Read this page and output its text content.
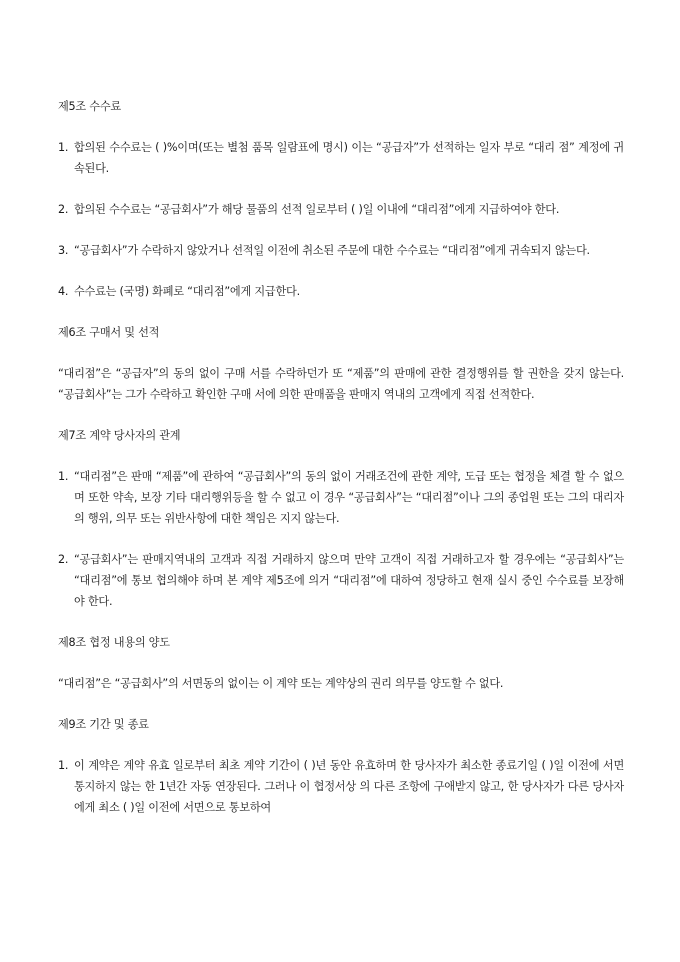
제5조 수수료
1. 합의된 수수료는 ( )%이며(또는 별첨 품목 일람표에 명시) 이는 “공급자”가 선적하는 일자 부로 “대리 점” 계정에 귀속된다.
2. 합의된 수수료는 “공급회사”가 해당 물품의 선적 일로부터 ( )일 이내에 “대리점”에게 지급하여야 한다.
3. “공급회사”가 수락하지 않았거나 선적일 이전에 취소된 주문에 대한 수수료는 “대리점”에게 귀속되지 않는다.
4. 수수료는 (국명) 화폐로 “대리점”에게 지급한다.
제6조 구매서 및 선적
“대리점”은 “공급자”의 동의 없이 구매 서를 수락하던가 또 “제품”의 판매에 관한 결정행위를 할 권한을 갖지 않는다. “공급회사”는 그가 수락하고 확인한 구매 서에 의한 판매품을 판매지 역내의 고객에게 직접 선적한다.
제7조 계약 당사자의 관계
1. “대리점”은 판매 “제품”에 관하여 “공급회사”의 동의 없이 거래조건에 관한 계약, 도급 또는 협정을 체결 할 수 없으며 또한 약속, 보장 기타 대리행위등을 할 수 없고 이 경우 “공급회사”는 “대리점”이나 그의 종업원 또는 그의 대리자의 행위, 의무 또는 위반사항에 대한 책임은 지지 않는다.
2. “공급회사”는 판매지역내의 고객과 직접 거래하지 않으며 만약 고객이 직접 거래하고자 할 경우에는 “공급회사”는 “대리점”에 통보 협의해야 하며 본 계약 제5조에 의거 “대리점”에 대하여 정당하고 현재 실시 중인 수수료를 보장해야 한다.
제8조 협정 내용의 양도
“대리점”은 “공급회사”의 서면동의 없이는 이 계약 또는 계약상의 권리 의무를 양도할 수 없다.
제9조 기간 및 종료
1. 이 계약은 계약 유효 일로부터 최초 계약 기간이 ( )년 동안 유효하며 한 당사자가 최소한 종료기일 ( )일 이전에 서면 통지하지 않는 한 1년간 자동 연장된다. 그러나 이 협정서상 의 다른 조항에 구애받지 않고, 한 당사자가 다른 당사자에게 최소 ( )일 이전에 서면으로 통보하여
